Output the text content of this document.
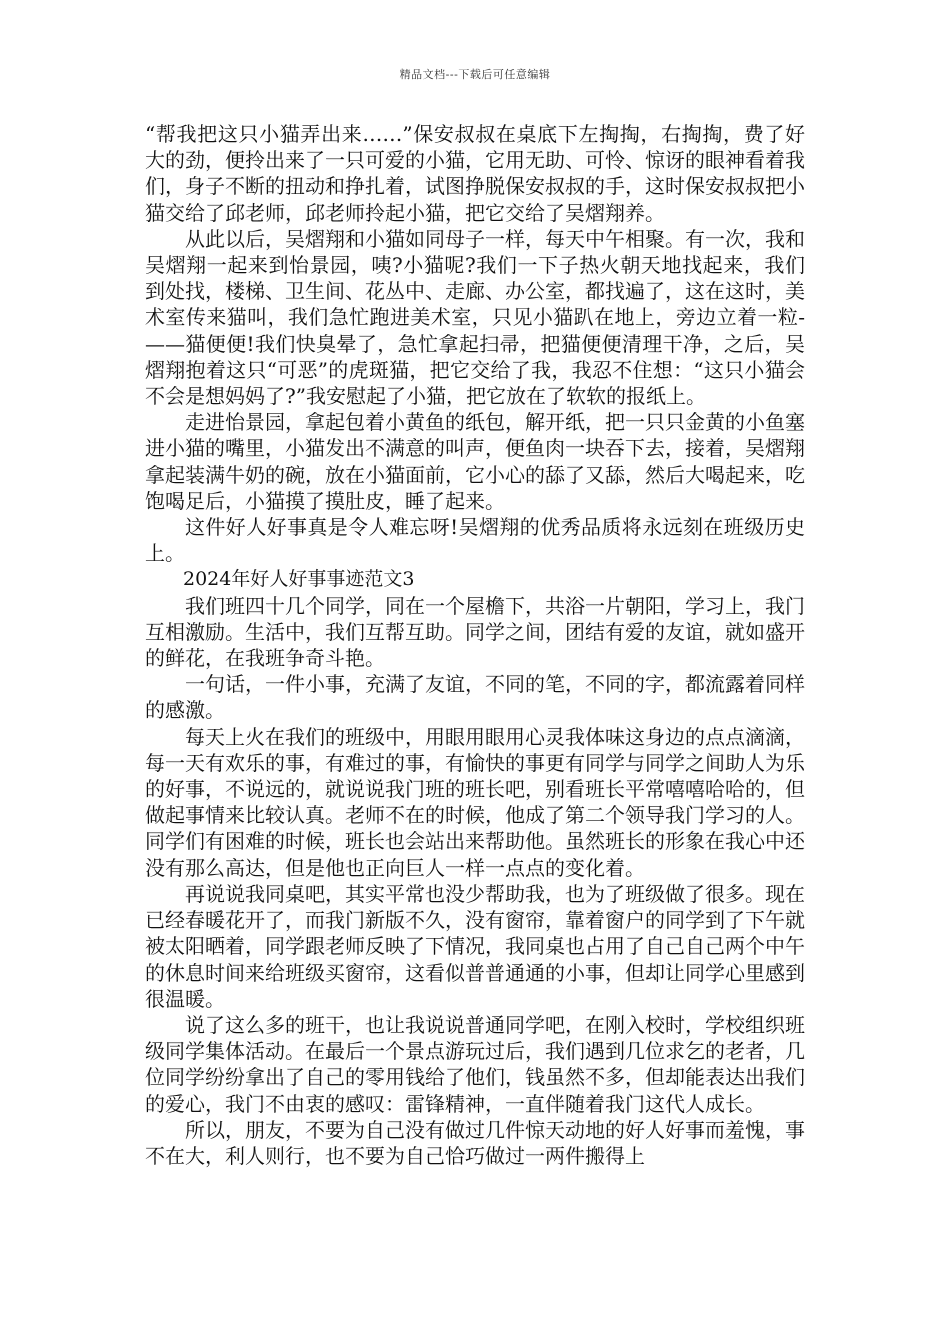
精品文档---下载后可任意编辑

“帮我把这只小猫弄出来……”保安叔叔在桌底下左掏掏，右掏掏，费了好大的劲，便拎出来了一只可爱的小猫，它用无助、可怜、惊讶的眼神看着我们，身子不断的扭动和挣扎着，试图挣脱保安叔叔的手，这时保安叔叔把小猫交给了邱老师，邱老师拎起小猫，把它交给了吴熠翔养。

从此以后，吴熠翔和小猫如同母子一样，每天中午相聚。有一次，我和吴熠翔一起来到怡景园，咦?小猫呢?我们一下子热火朝天地找起来，我们到处找，楼梯、卫生间、花丛中、走廊、办公室，都找遍了，这在这时，美术室传来猫叫，我们急忙跑进美术室，只见小猫趴在地上，旁边立着一粒-——猫便便!我们快臭晕了，急忙拿起扫帚，把猫便便清理干净，之后，吴熠翔抱着这只“可恶”的虎斑猫，把它交给了我，我忍不住想：“这只小猫会不会是想妈妈了?”我安慰起了小猫，把它放在了软软的报纸上。

走进怡景园，拿起包着小黄鱼的纸包，解开纸，把一只只金黄的小鱼塞进小猫的嘴里，小猫发出不满意的叫声，便鱼肉一块吞下去，接着，吴熠翔拿起装满牛奶的碗，放在小猫面前，它小心的舔了又舔，然后大喝起来，吃饱喝足后，小猫摸了摸肚皮，睡了起来。

这件好人好事真是令人难忘呀!吴熠翔的优秀品质将永远刻在班级历史上。

2024年好人好事事迹范文3

我们班四十几个同学，同在一个屋檐下，共浴一片朝阳，学习上，我门互相激励。生活中，我们互帮互助。同学之间，团结有爱的友谊，就如盛开的鲜花，在我班争奇斗艳。

一句话，一件小事，充满了友谊，不同的笔，不同的字，都流露着同样的感激。

每天上火在我们的班级中，用眼用眼用心灵我体味这身边的点点滴滴，每一天有欢乐的事，有难过的事，有愉快的事更有同学与同学之间助人为乐的好事，不说远的，就说说我门班的班长吧，别看班长平常嘻嘻哈哈的，但做起事情来比较认真。老师不在的时候，他成了第二个领导我门学习的人。同学们有困难的时候，班长也会站出来帮助他。虽然班长的形象在我心中还没有那么高达，但是他也正向巨人一样一点点的变化着。

再说说我同桌吧，其实平常也没少帮助我，也为了班级做了很多。现在已经春暖花开了，而我门新版不久，没有窗帘，靠着窗户的同学到了下午就被太阳晒着，同学跟老师反映了下情况，我同桌也占用了自己自己两个中午的休息时间来给班级买窗帘，这看似普普通通的小事，但却让同学心里感到很温暖。

说了这么多的班干，也让我说说普通同学吧，在刚入校时，学校组织班级同学集体活动。在最后一个景点游玩过后，我们遇到几位求乞的老者，几位同学纷纷拿出了自己的零用钱给了他们，钱虽然不多，但却能表达出我们的爱心，我门不由衷的感叹：雷锋精神，一直伴随着我门这代人成长。

所以，朋友，不要为自己没有做过几件惊天动地的好人好事而羞愧，事不在大，利人则行，也不要为自己恰巧做过一两件搬得上
